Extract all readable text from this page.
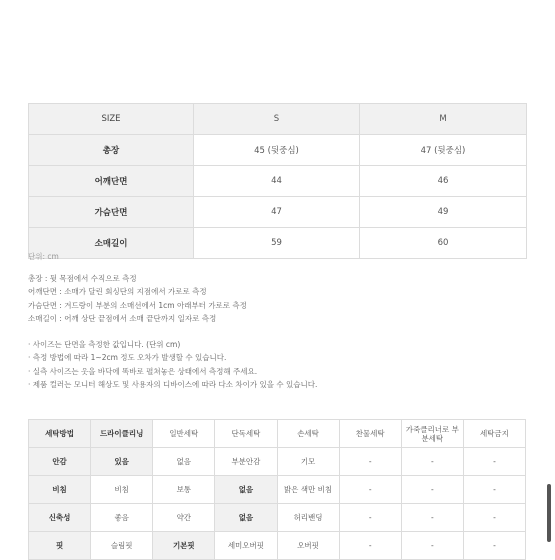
SIZE	S	M
총장	45 (뒷중심)	47 (뒷중심)
어깨단면	44	46
가슴단면	47	49
소매길이	59	60
단위: cm
총장 : 뒷 목점에서 수직으로 측정
어깨단면 : 소매가 달린 회싱단의 지점에서 가로로 측정
가슴단면 : 겨드랑이 부분의 소매선에서 1cm 아래부터 가로로 측정
소매길이 : 어깨 상단 끝점에서 소매 끝단까지 일자로 측정
· 사이즈는 단면을 측정한 값입니다. (단위 cm)
· 측정 방법에 따라 1~2cm 정도 오차가 발생할 수 있습니다.
· 실측 사이즈는 옷을 바닥에 똑바로 펼쳐놓은 상태에서 측정해 주세요.
· 제품 컬러는 모니터 해상도 및 사용자의 디바이스에 따라 다소 차이가 있을 수 있습니다.
세탁방법	드라이클리닝	일반세탁	단독세탁	손세탁	찬물세탁	가죽클리너로 부분세탁	세탁금지
안감	있음	없음	부분안감	기모	-	-	-
비침	비침	보통	없음	밝은 색만 비침	-	-	-
신축성	좋음	약간	없음	허리밴딩	-	-	-
핏	슬림핏	기본핏	세미오버핏	오버핏	-	-	-
